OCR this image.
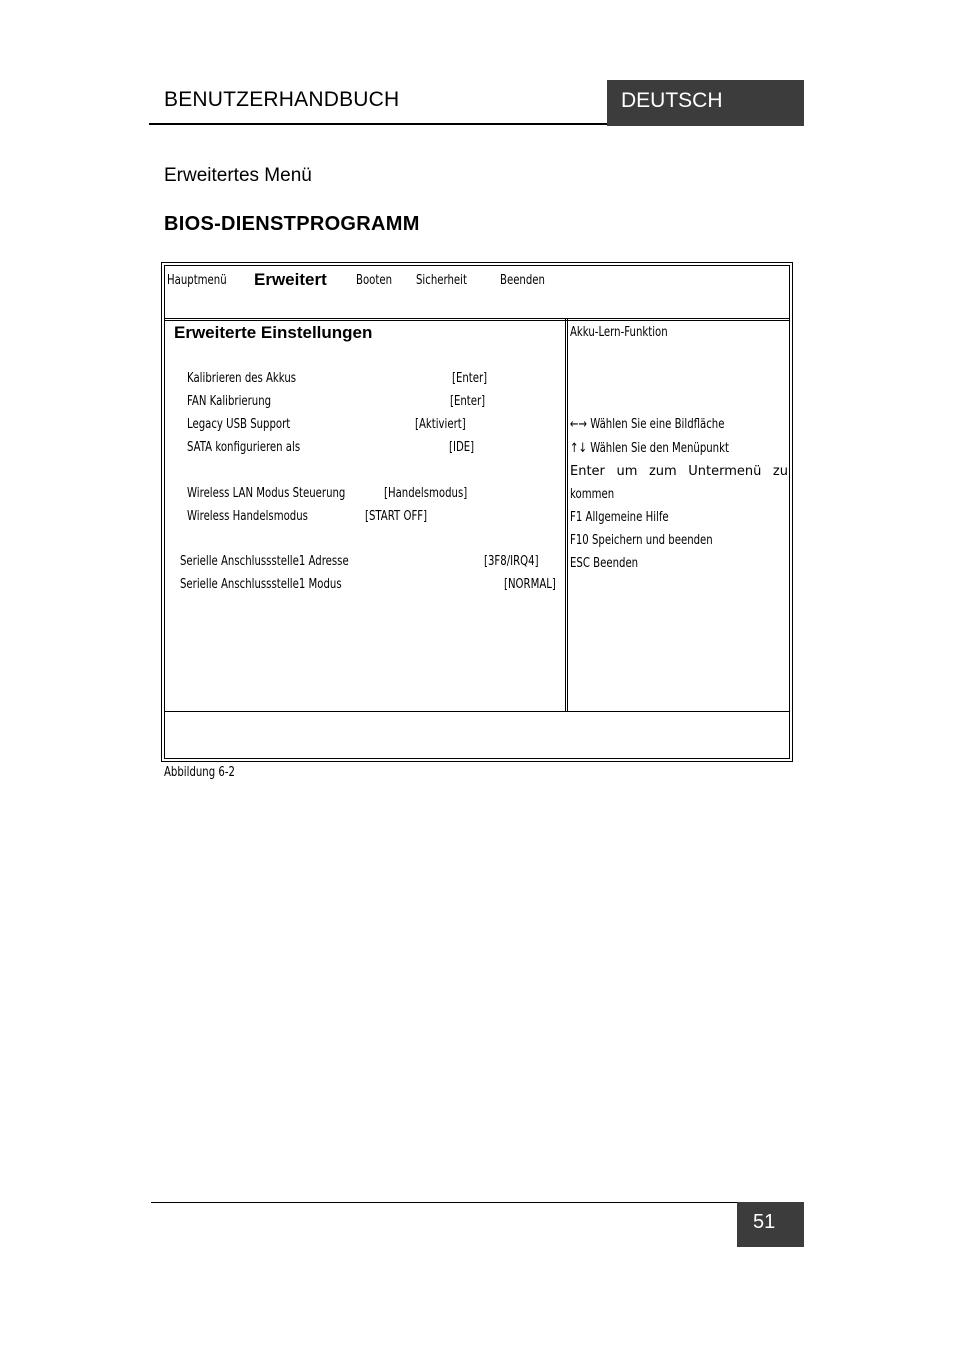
BENUTZERHANDBUCH	DEUTSCH
Erweitertes Menü
BIOS-DIENSTPROGRAMM
Hauptmenü Erweitert Booten Sicherheit	Beenden
Erweiterte Einstellungen
Kalibrieren des Akkus	[Enter]
FAN Kalibrierung	[Enter]
Legacy USB Support	[Aktiviert]
SATA konfigurieren als	[IDE]
Wireless LAN Modus Steuerung	[Handelsmodus]
Wireless Handelsmodus	[START OFF]
Serielle Anschlussstelle1 Adresse	[3F8/IRQ4]
Serielle Anschlussstelle1 Modus	[NORMAL]
Akku-Lern-Funktion
←→ Wählen Sie eine Bildfläche
↑↓ Wählen Sie den Menüpunkt
Enter um zum Untermenü zu
kommen
F1 Allgemeine Hilfe
F10 Speichern und beenden
ESC Beenden
Abbildung 6-2
51
